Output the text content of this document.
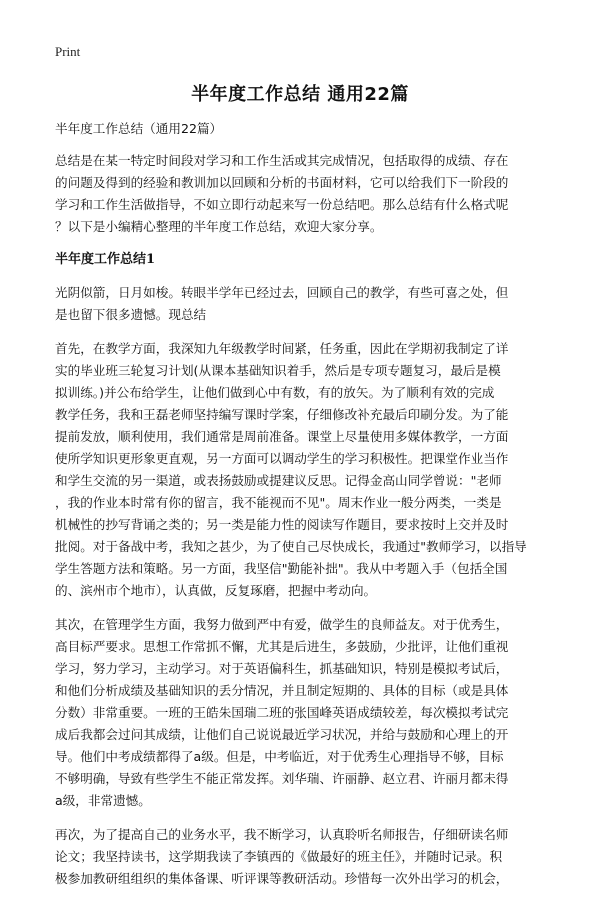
Print
半年度工作总结 通用22篇
半年度工作总结（通用22篇）
总结是在某一特定时间段对学习和工作生活或其完成情况，包括取得的成绩、存在
的问题及得到的经验和教训加以回顾和分析的书面材料，它可以给我们下一阶段的
学习和工作生活做指导，不如立即行动起来写一份总结吧。那么总结有什么格式呢
？以下是小编精心整理的半年度工作总结，欢迎大家分享。
半年度工作总结1
光阴似箭，日月如梭。转眼半学年已经过去，回顾自己的教学，有些可喜之处，但
是也留下很多遗憾。现总结
首先，在教学方面，我深知九年级教学时间紧，任务重，因此在学期初我制定了详
实的毕业班三轮复习计划(从课本基础知识着手，然后是专项专题复习，最后是模
拟训练。)并公布给学生，让他们做到心中有数，有的放矢。为了顺利有效的完成
教学任务，我和王磊老师坚持编写课时学案，仔细修改补充最后印刷分发。为了能
提前发放，顺利使用，我们通常是周前准备。课堂上尽量使用多媒体教学，一方面
使所学知识更形象更直观，另一方面可以调动学生的学习积极性。把课堂作业当作
和学生交流的另一渠道，或表扬鼓励或提建议反思。记得金高山同学曾说："老师
，我的作业本时常有你的留言，我不能视而不见"。周末作业一般分两类，一类是
机械性的抄写背诵之类的；另一类是能力性的阅读写作题目，要求按时上交并及时
批阅。对于备战中考，我知之甚少，为了使自己尽快成长，我通过"教师学习，以指导
学生答题方法和策略。另一方面，我坚信"勤能补拙"。我从中考题入手（包括全国
的、滨州市个地市），认真做，反复琢磨，把握中考动向。
其次，在管理学生方面，我努力做到严中有爱，做学生的良师益友。对于优秀生，
高目标严要求。思想工作常抓不懈，尤其是后进生，多鼓励，少批评，让他们重视
学习，努力学习，主动学习。对于英语偏科生，抓基础知识，特别是模拟考试后，
和他们分析成绩及基础知识的丢分情况，并且制定短期的、具体的目标（或是具体
分数）非常重要。一班的王皓朱国瑞二班的张国峰英语成绩较差，每次模拟考试完
成后我都会过问其成绩，让他们自己说说最近学习状况，并给与鼓励和心理上的开
导。他们中考成绩都得了a级。但是，中考临近，对于优秀生心理指导不够，目标
不够明确，导致有些学生不能正常发挥。刘华瑞、许丽静、赵立君、许丽月都未得
a级，非常遗憾。
再次，为了提高自己的业务水平，我不断学习，认真聆听名师报告，仔细研读名师
论文；我坚持读书，这学期我读了李镇西的《做最好的班主任》，并随时记录。积
极参加教研组组织的集体备课、听评课等教研活动。珍惜每一次外出学习的机会，
